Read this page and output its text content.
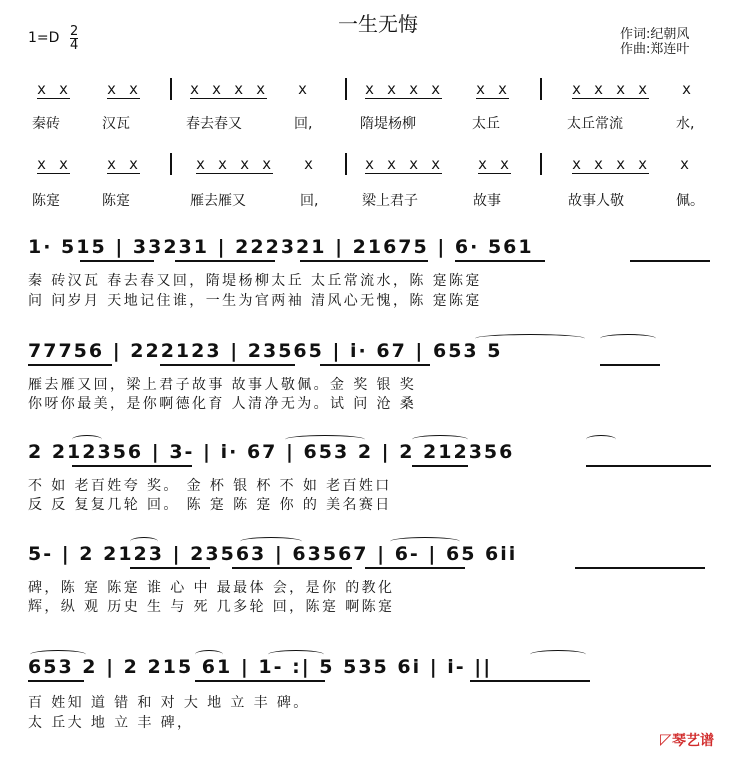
一生无悔
$1=D \frac{2}{4}$	作词:纪朝风
作曲:郑连叶
x x x x	x x x x x	x x x x x x	x x x x x
秦砖	汉瓦	春去春又	回,	隋堤杨柳	太丘	太丘常流	水,
x x x x	x x x x x	x x x x x x	x x x x x
陈寔	陈寔	雁去雁又	回,	梁上君子	故事	故事人敬	佩。
1· 515 | 33231 | 222321 | 21675 | 6· 561
秦 砖汉瓦 春去春又回，隋堤杨柳太丘 太丘常流水，陈 寔陈寔
问 问岁月 天地记住谁，一生为官两袖 清风心无愧，陈 寔陈寔
77756 | 222123 | 23565 | i· 67 | 653 5
雁去雁又回，梁上君子故事 故事人敬佩。金 奖 银 奖
你呀你最美，是你啊德化育 人清净无为。试 问 沧 桑
2 212356 | 3- | i· 67 | 653 2 | 2 212356
不 如 老百姓夸 奖。 金 杯 银 杯 不 如 老百姓口
反 反 复复几轮 回。 陈 寔 陈 寔 你 的 美名赛日
5- | 2 2123 | 23563 | 63567 | 6- | 65 6ii
碑，陈 寔 陈寔 谁 心 中 最最体 会，是你 的教化
辉，纵 观 历史 生 与 死 几多轮 回，陈寔 啊陈寔
653 2 | 2 215 61 | 1- :| 5 535 6i | i- ||
百 姓知 道 错 和 对 大 地 立 丰 碑。
太 丘大 地 立 丰 碑，
◸ 琴艺谱
